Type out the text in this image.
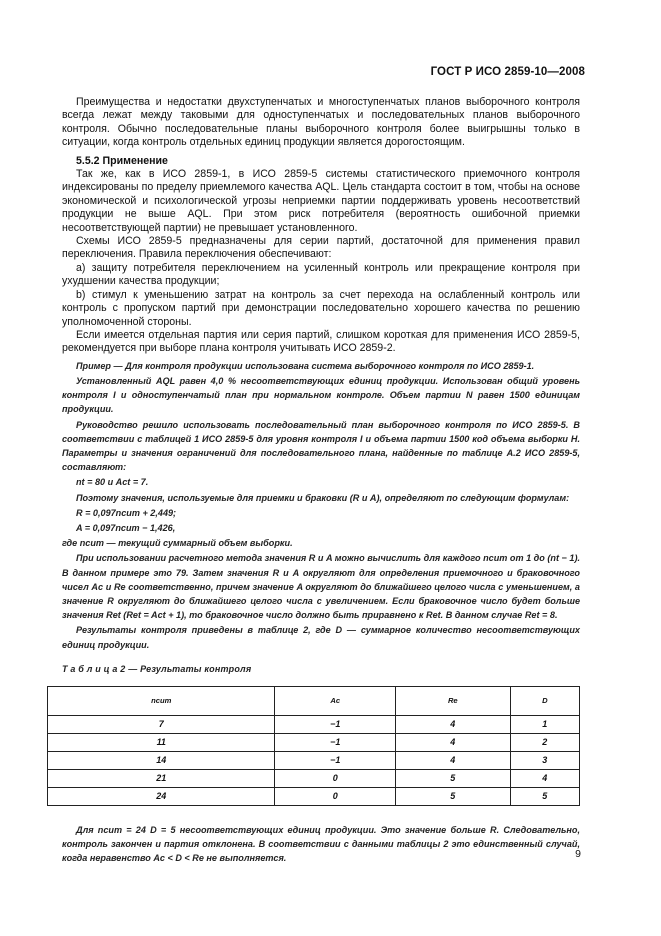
ГОСТ Р ИСО 2859-10—2008

Преимущества и недостатки двухступенчатых и многоступенчатых планов выборочного контроля всегда лежат между таковыми для одноступенчатых и последовательных планов выборочного контроля. Обычно последовательные планы выборочного контроля более выигрышны только в ситуации, когда контроль отдельных единиц продукции является дорогостоящим.

5.5.2 Применение

Так же, как в ИСО 2859-1, в ИСО 2859-5 системы статистического приемочного контроля индексированы по пределу приемлемого качества AQL. Цель стандарта состоит в том, чтобы на основе экономической и психологической угрозы неприемки партии поддерживать уровень несоответствий продукции не выше AQL. При этом риск потребителя (вероятность ошибочной приемки несоответствующей партии) не превышает установленного.

Схемы ИСО 2859-5 предназначены для серии партий, достаточной для применения правил переключения. Правила переключения обеспечивают:

а) защиту потребителя переключением на усиленный контроль или прекращение контроля при ухудшении качества продукции;

b) стимул к уменьшению затрат на контроль за счет перехода на ослабленный контроль или контроль с пропуском партий при демонстрации последовательно хорошего качества по решению уполномоченной стороны.

Если имеется отдельная партия или серия партий, слишком короткая для применения ИСО 2859-5, рекомендуется при выборе плана контроля учитывать ИСО 2859-2.

Пример — Для контроля продукции использована система выборочного контроля по ИСО 2859-1.

Установленный AQL равен 4,0 % несоответствующих единиц продукции. Использован общий уровень контроля I и одноступенчатый план при нормальном контроле. Объем партии N равен 1500 единицам продукции.

Руководство решило использовать последовательный план выборочного контроля по ИСО 2859-5. В соответствии с таблицей 1 ИСО 2859-5 для уровня контроля I и объема партии 1500 код объема выборки H. Параметры и значения ограничений для последовательного плана, найденные по таблице A.2 ИСО 2859-5, составляют:

nt = 80 и Act = 7.

Поэтому значения, используемые для приемки и браковки (R и A), определяют по следующим формулам:

R = 0,097ncum + 2,449;

A = 0,097ncum − 1,426,

где ncum — текущий суммарный объем выборки.

При использовании расчетного метода значения R и A можно вычислить для каждого ncum от 1 до (nt − 1). В данном примере это 79. Затем значения R и A округляют для определения приемочного и браковочного чисел Ac и Re соответственно, причем значение A округляют до ближайшего целого числа с уменьшением, а значение R округляют до ближайшего целого числа с увеличением. Если браковочное число будет больше значения Ret (Ret = Act + 1), то браковочное число должно быть приравнено к Ret. В данном случае Ret = 8.

Результаты контроля приведены в таблице 2, где D — суммарное количество несоответствующих единиц продукции.

Т а б л и ц а 2 — Результаты контроля
ncum	Ac	Re	D
7	−1	4	1
11	−1	4	2
14	−1	4	3
21	0	5	4
24	0	5	5

Для ncum = 24 D = 5 несоответствующих единиц продукции. Это значение больше R. Следовательно, контроль закончен и партия отклонена. В соответствии с данными таблицы 2 это единственный случай, когда неравенство Ac < D < Re не выполняется.	9
